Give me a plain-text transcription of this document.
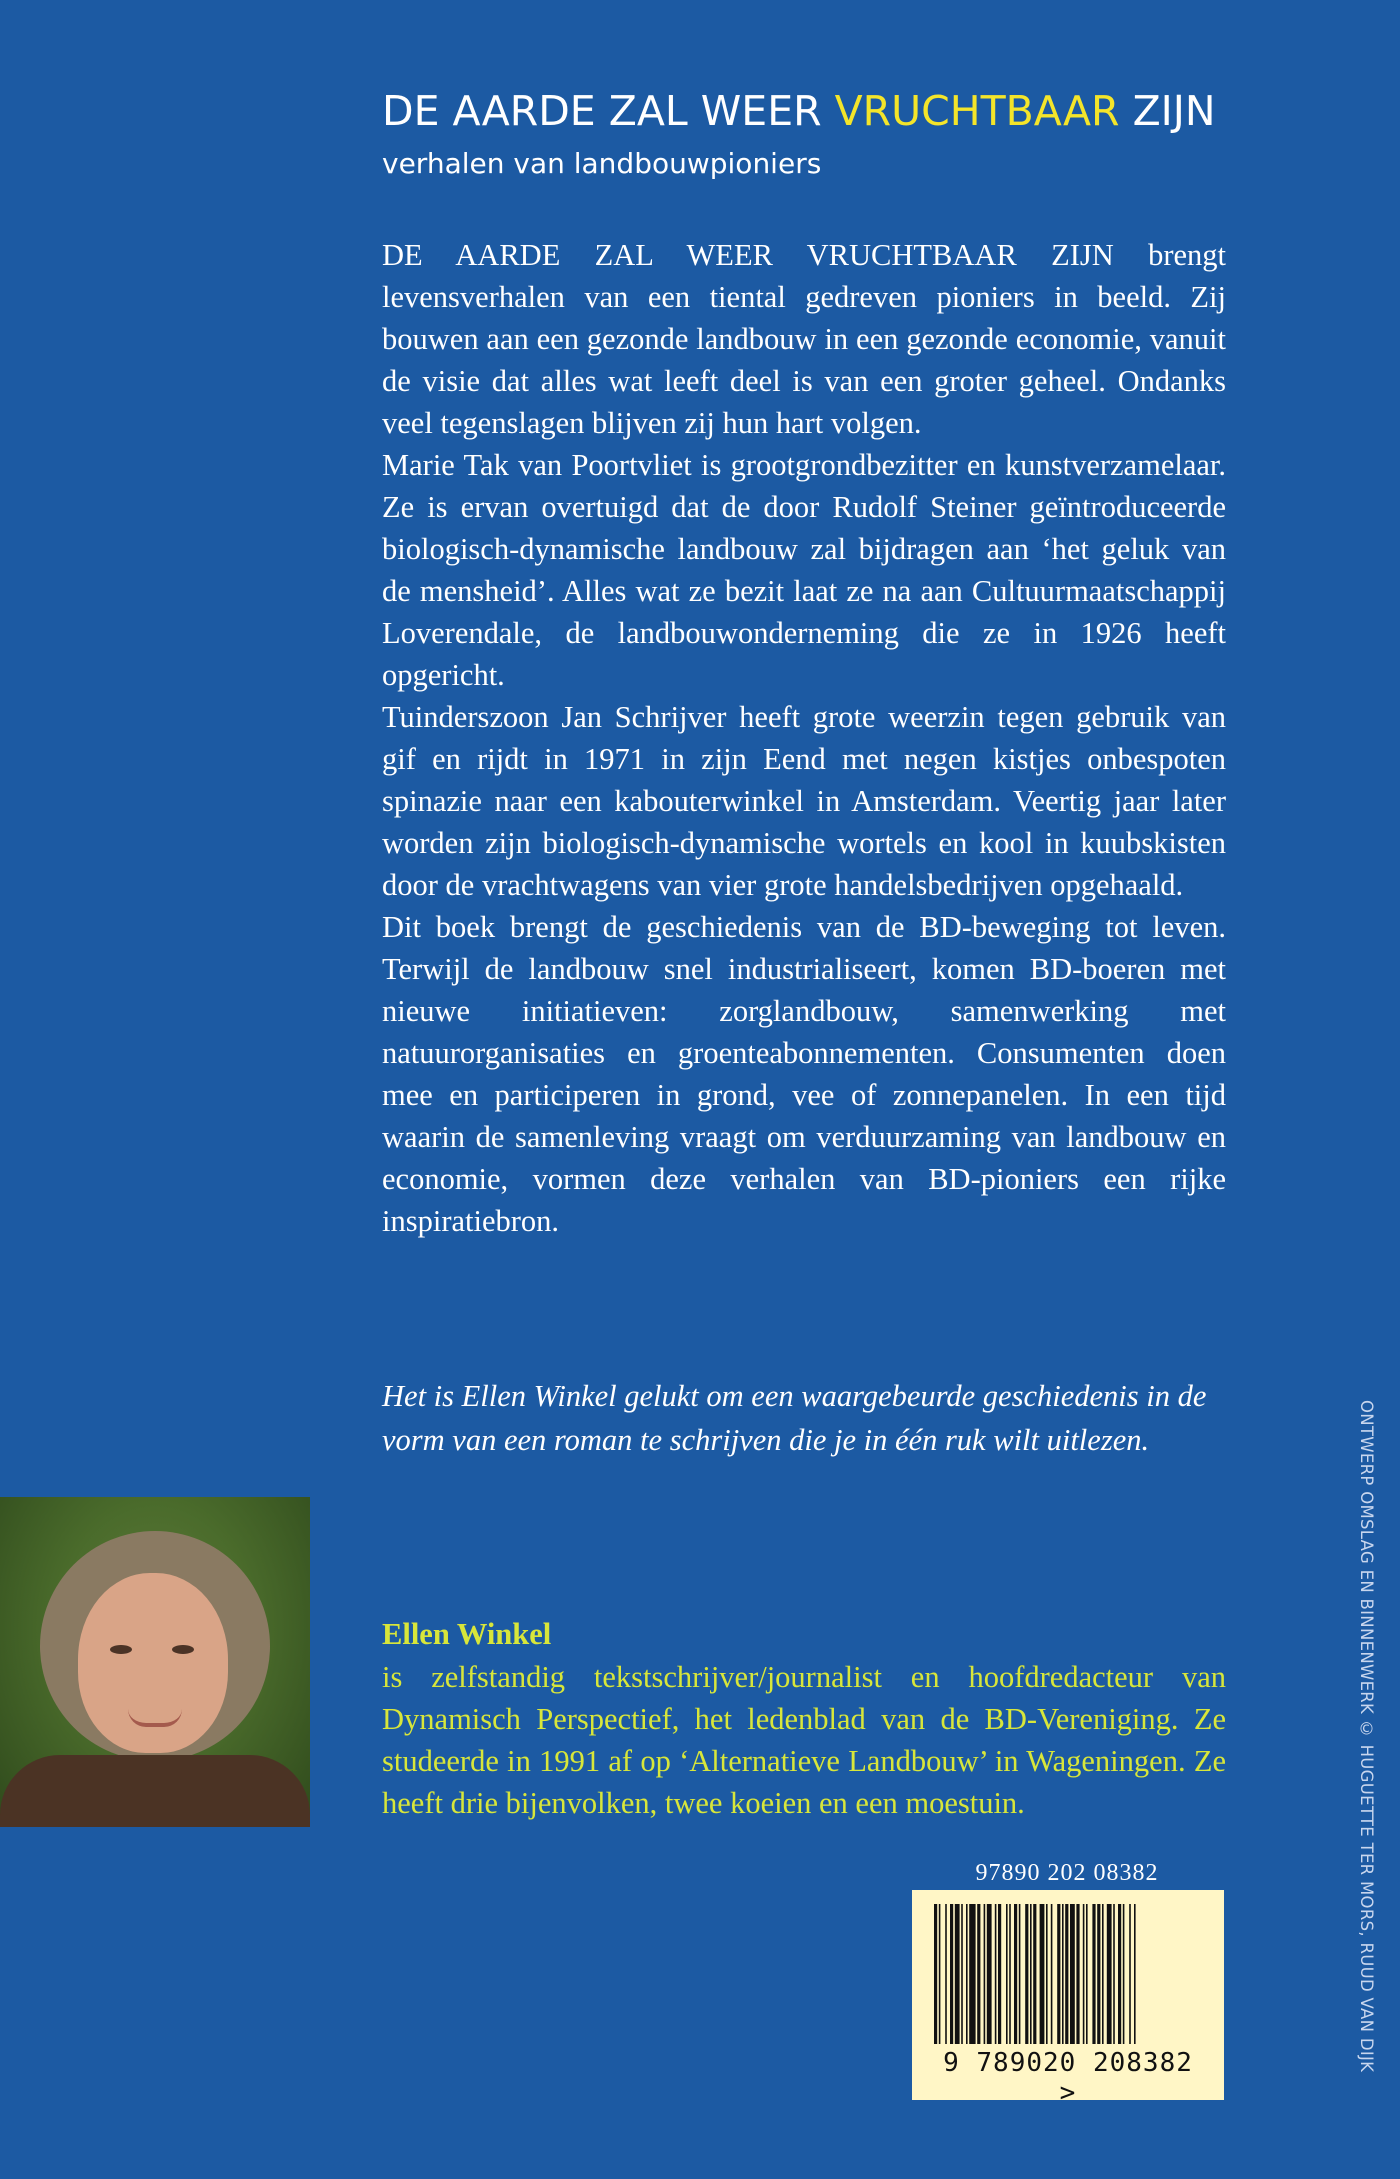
DE AARDE ZAL WEER VRUCHTBAAR ZIJN

verhalen van landbouwpioniers

DE AARDE ZAL WEER VRUCHTBAAR ZIJN brengt levensverhalen van een tiental gedreven pioniers in beeld. Zij bouwen aan een gezonde landbouw in een gezonde economie, vanuit de visie dat alles wat leeft deel is van een groter geheel. Ondanks veel tegenslagen blijven zij hun hart volgen.

Marie Tak van Poortvliet is grootgrondbezitter en kunstverzamelaar. Ze is ervan overtuigd dat de door Rudolf Steiner geïntroduceerde biologisch-dynamische landbouw zal bijdragen aan ‘het geluk van de mensheid’. Alles wat ze bezit laat ze na aan Cultuurmaatschappij Loverendale, de landbouwonderneming die ze in 1926 heeft opgericht.

Tuinderszoon Jan Schrijver heeft grote weerzin tegen gebruik van gif en rijdt in 1971 in zijn Eend met negen kistjes onbespoten spinazie naar een kabouterwinkel in Amsterdam. Veertig jaar later worden zijn biologisch-dynamische wortels en kool in kuubskisten door de vrachtwagens van vier grote handelsbedrijven opgehaald.

Dit boek brengt de geschiedenis van de BD-beweging tot leven. Terwijl de landbouw snel industrialiseert, komen BD-boeren met nieuwe initiatieven: zorglandbouw, samenwerking met natuurorganisaties en groenteabonnementen. Consumenten doen mee en participeren in grond, vee of zonnepanelen. In een tijd waarin de samenleving vraagt om verduurzaming van landbouw en economie, vormen deze verhalen van BD-pioniers een rijke inspiratiebron.

Het is Ellen Winkel gelukt om een waargebeurde geschiedenis in de vorm van een roman te schrijven die je in één ruk wilt uitlezen.

Ellen Winkel

is zelfstandig tekstschrijver/journalist en hoofdredacteur van Dynamisch Perspectief, het ledenblad van de BD-Vereniging. Ze studeerde in 1991 af op ‘Alternatieve Landbouw’ in Wageningen. Ze heeft drie bijenvolken, twee koeien en een moestuin.

97890 202 08382
9 789020 208382 >
ONTWERP OMSLAG EN BINNENWERK © HUGUETTE TER MORS, RUUD VAN DIJK
